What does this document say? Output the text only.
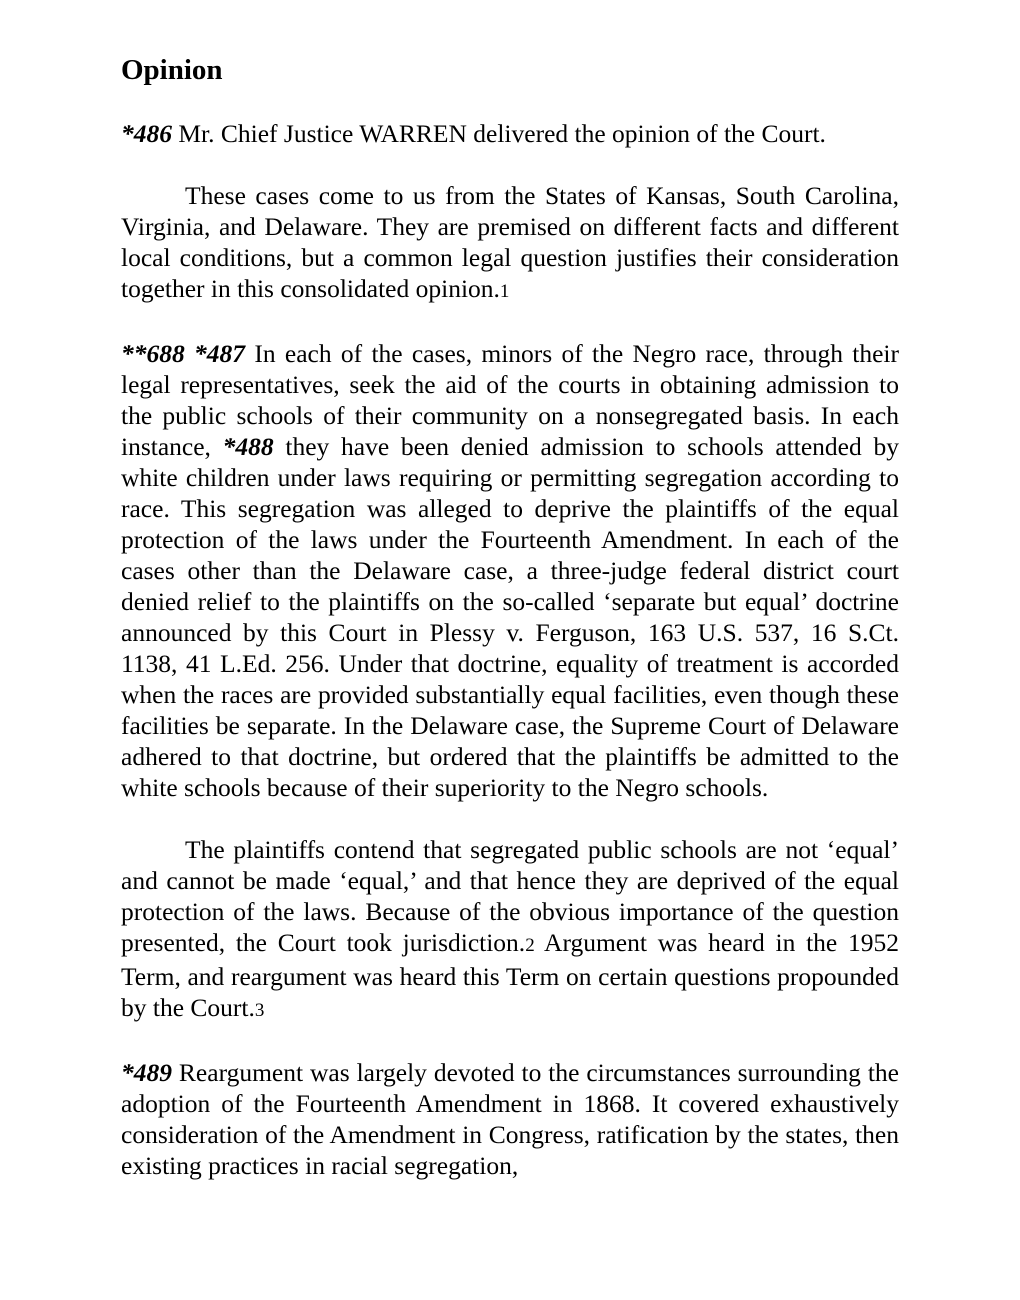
Opinion

*486 Mr. Chief Justice WARREN delivered the opinion of the Court.

These cases come to us from the States of Kansas, South Carolina, Virginia, and Delaware. They are premised on different facts and different local conditions, but a common legal question justifies their consideration together in this consolidated opinion.1

**688 *487 In each of the cases, minors of the Negro race, through their legal representatives, seek the aid of the courts in obtaining admission to the public schools of their community on a nonsegregated basis. In each instance, *488 they have been denied admission to schools attended by white children under laws requiring or permitting segregation according to race. This segregation was alleged to deprive the plaintiffs of the equal protection of the laws under the Fourteenth Amendment. In each of the cases other than the Delaware case, a three-judge federal district court denied relief to the plaintiffs on the so-called ‘separate but equal’ doctrine announced by this Court in Plessy v. Ferguson, 163 U.S. 537, 16 S.Ct. 1138, 41 L.Ed. 256. Under that doctrine, equality of treatment is accorded when the races are provided substantially equal facilities, even though these facilities be separate. In the Delaware case, the Supreme Court of Delaware adhered to that doctrine, but ordered that the plaintiffs be admitted to the white schools because of their superiority to the Negro schools.

The plaintiffs contend that segregated public schools are not ‘equal’ and cannot be made ‘equal,’ and that hence they are deprived of the equal protection of the laws. Because of the obvious importance of the question presented, the Court took jurisdiction.2 Argument was heard in the 1952 Term, and reargument was heard this Term on certain questions propounded by the Court.3

*489 Reargument was largely devoted to the circumstances surrounding the adoption of the Fourteenth Amendment in 1868. It covered exhaustively consideration of the Amendment in Congress, ratification by the states, then existing practices in racial segregation,
